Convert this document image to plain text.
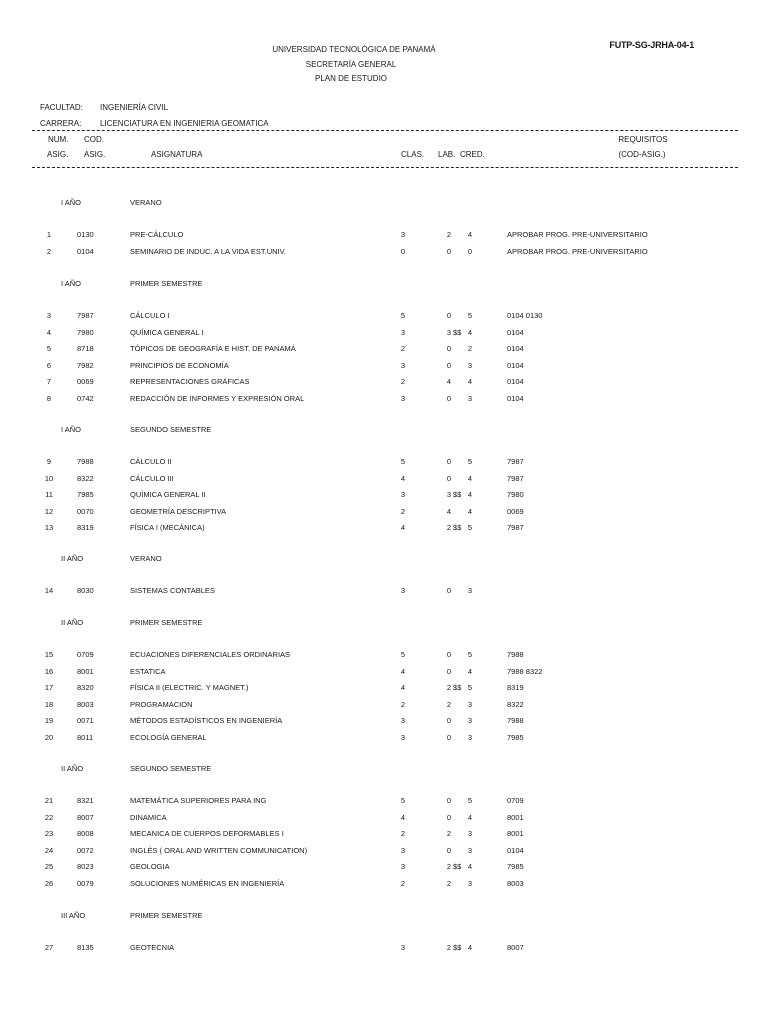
FUTP-SG-JRHA-04-1
UNIVERSIDAD TECNOLÓGICA DE PANAMÁ
SECRETARÍA GENERAL
PLAN DE ESTUDIO
FACULTAD: INGENIERÍA CIVIL
CARRERA: LICENCIATURA EN INGENIERIA GEOMATICA
NUM. COD.	REQUISITOS
ASIG. ASIG.	ASIGNATURA	CLAS. LAB. CRED.	(COD-ASIG.)
I AÑO	VERANO
1	0130	PRE-CÁLCULO	3	2 4	APROBAR PROG. PRE-UNIVERSITARIO
2	0104	SEMINARIO DE INDUC. A LA VIDA EST.UNIV.	0	0 0	APROBAR PROG. PRE-UNIVERSITARIO
I AÑO	PRIMER SEMESTRE
3	7987	CÁLCULO I	5	0 5	0104 0130
4	7980	QUÍMICA GENERAL I	3	3 $$ 4	0104
5	8718	TÓPICOS DE GEOGRAFÍA E HIST. DE PANAMÁ	2	0 2	0104
6	7982	PRINCIPIOS DE ECONOMÍA	3	0 3	0104
7	0069	REPRESENTACIONES GRÁFICAS	2	4 4	0104
8	0742	REDACCIÓN DE INFORMES Y EXPRESIÓN ORAL	3	0 3	0104
I AÑO	SEGUNDO SEMESTRE
9	7988	CÁLCULO II	5	0 5	7987
10	8322	CÁLCULO III	4	0 4	7987
11	7985	QUÍMICA GENERAL II	3	3 $$ 4	7980
12	0070	GEOMETRÍA DESCRIPTIVA	2	4 4	0069
13	8319	FÍSICA I (MECÁNICA)	4	2 $$ 5	7987
II AÑO	VERANO
14	8030	SISTEMAS CONTABLES	3	0 3
II AÑO	PRIMER SEMESTRE
15	0709	ECUACIONES DIFERENCIALES ORDINARIAS	5	0 5	7988
16	8001	ESTATICA	4	0 4	7988 8322
17	8320	FÍSICA II (ELECTRIC. Y MAGNET.)	4	2 $$ 5	8319
18	8003	PROGRAMACION	2	2 3	8322
19	0071	MÉTODOS ESTADÍSTICOS EN INGENIERÍA	3	0 3	7988
20	8011	ECOLOGÍA GENERAL	3	0 3	7985
II AÑO	SEGUNDO SEMESTRE
21	8321	MATEMÁTICA SUPERIORES PARA ING	5	0 5	0709
22	8007	DINAMICA	4	0 4	8001
23	8008	MECANICA DE CUERPOS DEFORMABLES I	2	2 3	8001
24	0072	INGLÉS ( ORAL AND WRITTEN COMMUNICATION)	3	0 3	0104
25	8023	GEOLOGIA	3	2 $$ 4	7985
26	0079	SOLUCIONES NUMÉRICAS EN INGENIERÍA	2	2 3	8003
III AÑO	PRIMER SEMESTRE
27	8135	GEOTECNIA	3	2 $$ 4	8007
